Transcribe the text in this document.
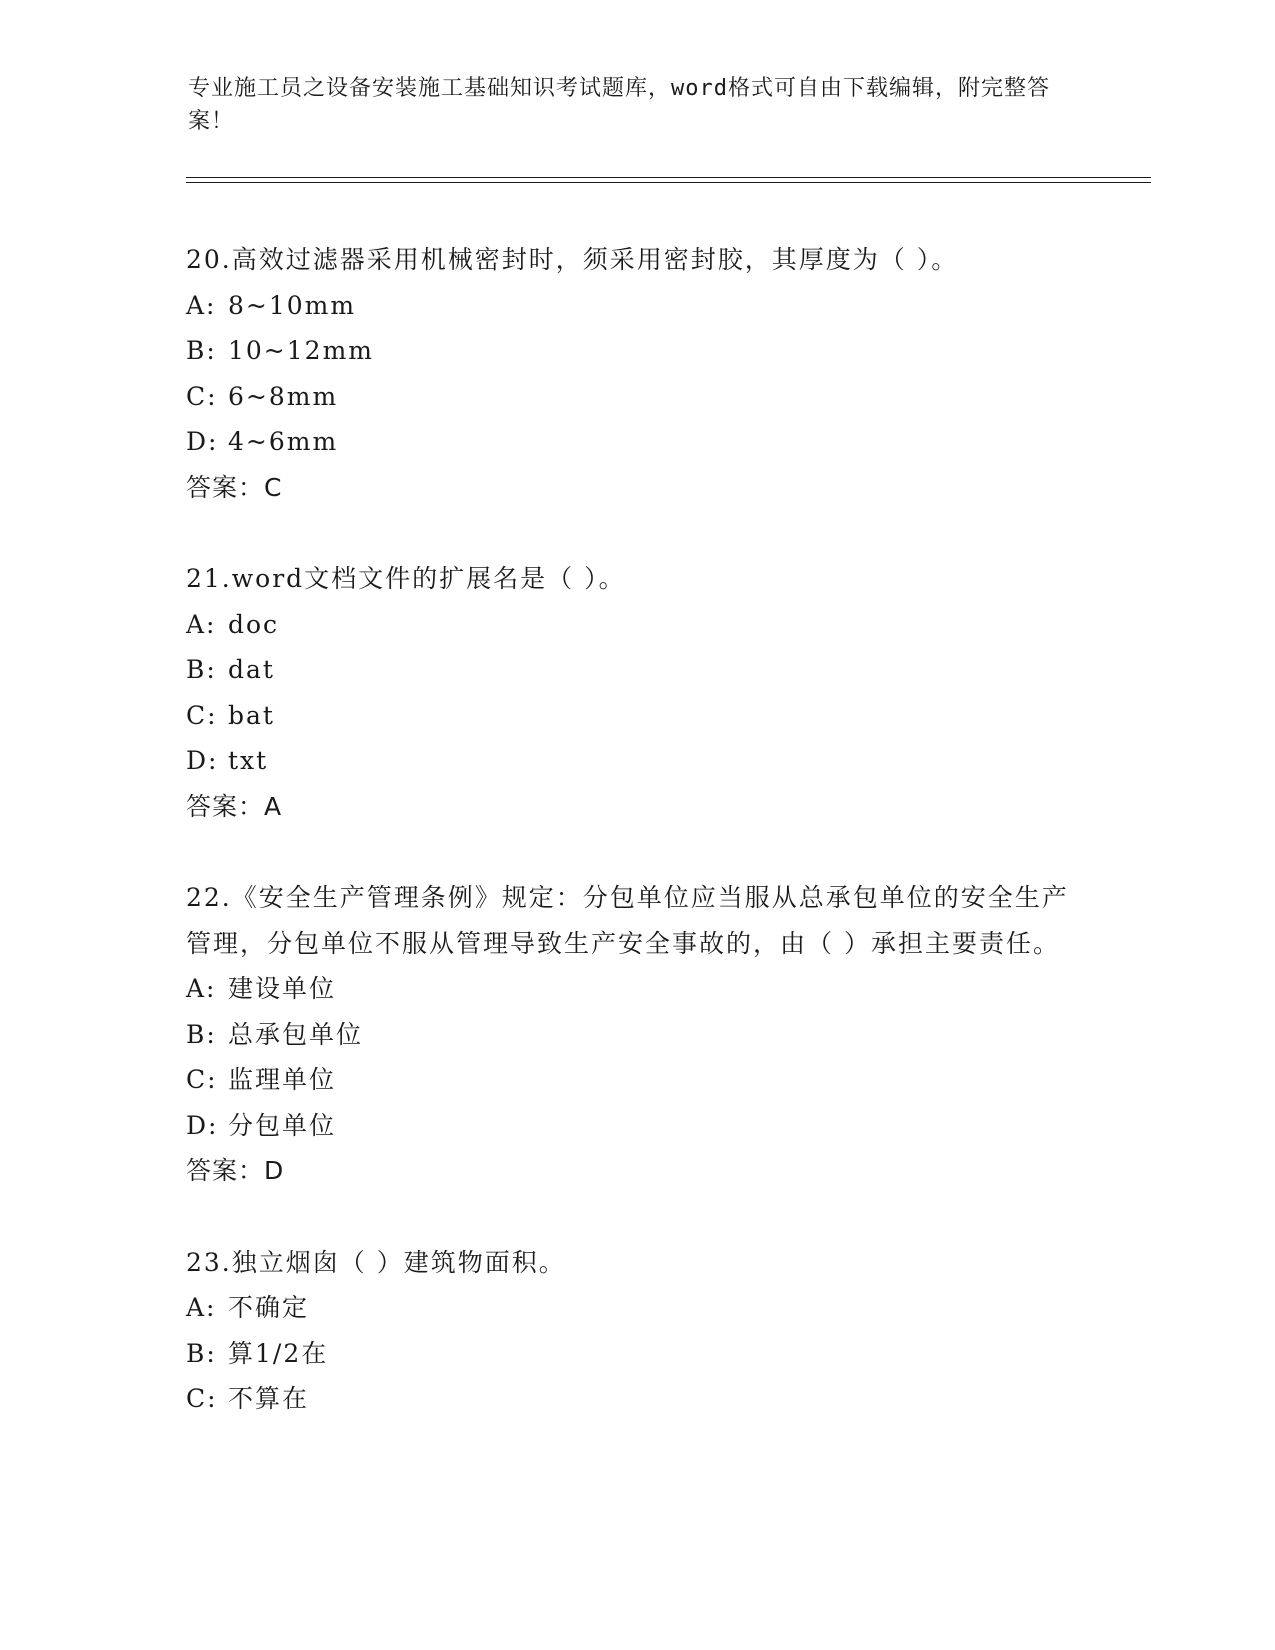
专业施工员之设备安装施工基础知识考试题库，word格式可自由下载编辑，附完整答案！
20.高效过滤器采用机械密封时，须采用密封胶，其厚度为（ ）。
A: 8~10mm
B: 10~12mm
C: 6~8mm
D: 4~6mm
答案：C
21.word文档文件的扩展名是（ ）。
A: doc
B: dat
C: bat
D: txt
答案：A
22.《安全生产管理条例》规定：分包单位应当服从总承包单位的安全生产管理，分包单位不服从管理导致生产安全事故的，由（ ）承担主要责任。
A: 建设单位
B: 总承包单位
C: 监理单位
D: 分包单位
答案：D
23.独立烟囱（ ）建筑物面积。
A: 不确定
B: 算1/2在
C: 不算在
